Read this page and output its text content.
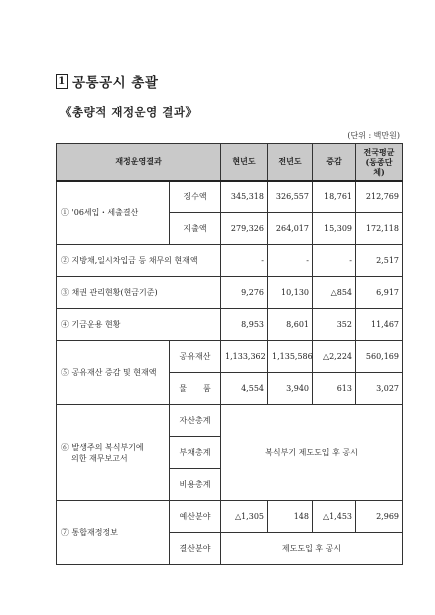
1 공통공시 총괄
《총량적 재정운영 결과》
(단위 : 백만원)
재정운영결과		현년도	전년도	증감	전국평균
(동종단체)

① '06세입・세출결산	징수액	345,318	326,557	18,761	212,769
	지출액	279,326	264,017	15,309	172,118
② 지방채,일시차입금 등 채무의 현재액		-	-	-	2,517
③ 채권 관리현황(현금기준)		9,276	10,130	△854	6,917
④ 기금운용 현황		8,953	8,601	352	11,467
⑤ 공유재산 증감 및 현재액	공유재산	1,133,362	1,135,586	△2,224	560,169
	물　　품	4,554	3,940	613	3,027

⑥ 발생주의 복식부기에
의한 재무보고서	자산총계	복식부기 제도도입 후 공시			
	부채총계				
	비용총계				
⑦ 통합재정정보	예산분야	△1,305	148	△1,453	2,969
	결산분야	제도도입 후 공시			
